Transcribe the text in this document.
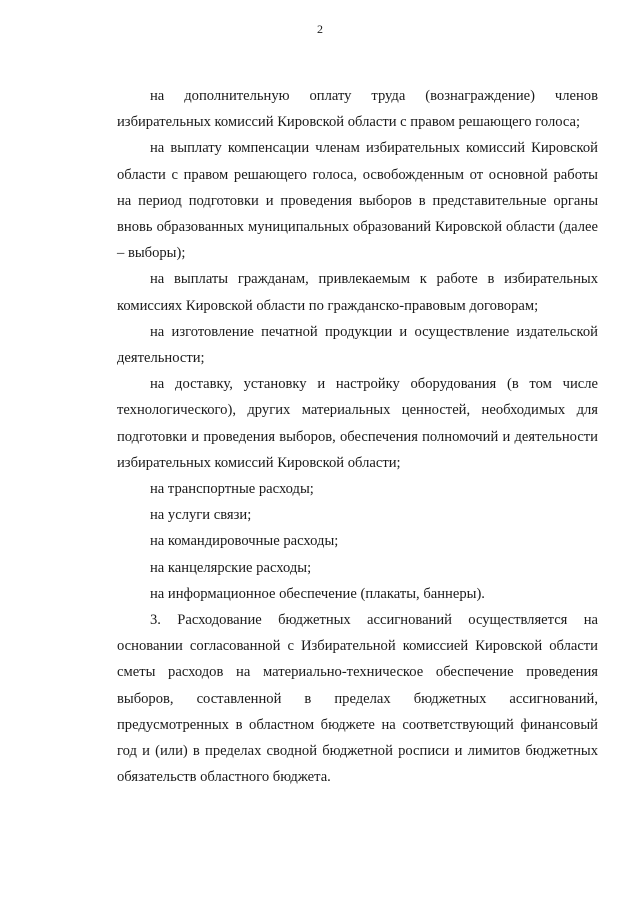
2

на дополнительную оплату труда (вознаграждение) членов избирательных комиссий Кировской области с правом решающего голоса;

на выплату компенсации членам избирательных комиссий Кировской области с правом решающего голоса, освобожденным от основной работы на период подготовки и проведения выборов в представительные органы вновь образованных муниципальных образований Кировской области (далее – выборы);

на выплаты гражданам, привлекаемым к работе в избирательных комиссиях Кировской области по гражданско-правовым договорам;

на изготовление печатной продукции и осуществление издательской деятельности;

на доставку, установку и настройку оборудования (в том числе технологического), других материальных ценностей, необходимых для подготовки и проведения выборов, обеспечения полномочий и деятельности избирательных комиссий Кировской области;

на транспортные расходы;

на услуги связи;

на командировочные расходы;

на канцелярские расходы;

на информационное обеспечение (плакаты, баннеры).

3. Расходование бюджетных ассигнований осуществляется на основании согласованной с Избирательной комиссией Кировской области сметы расходов на материально-техническое обеспечение проведения выборов, составленной в пределах бюджетных ассигнований, предусмотренных в областном бюджете на соответствующий финансовый год и (или) в пределах сводной бюджетной росписи и лимитов бюджетных обязательств областного бюджета.
